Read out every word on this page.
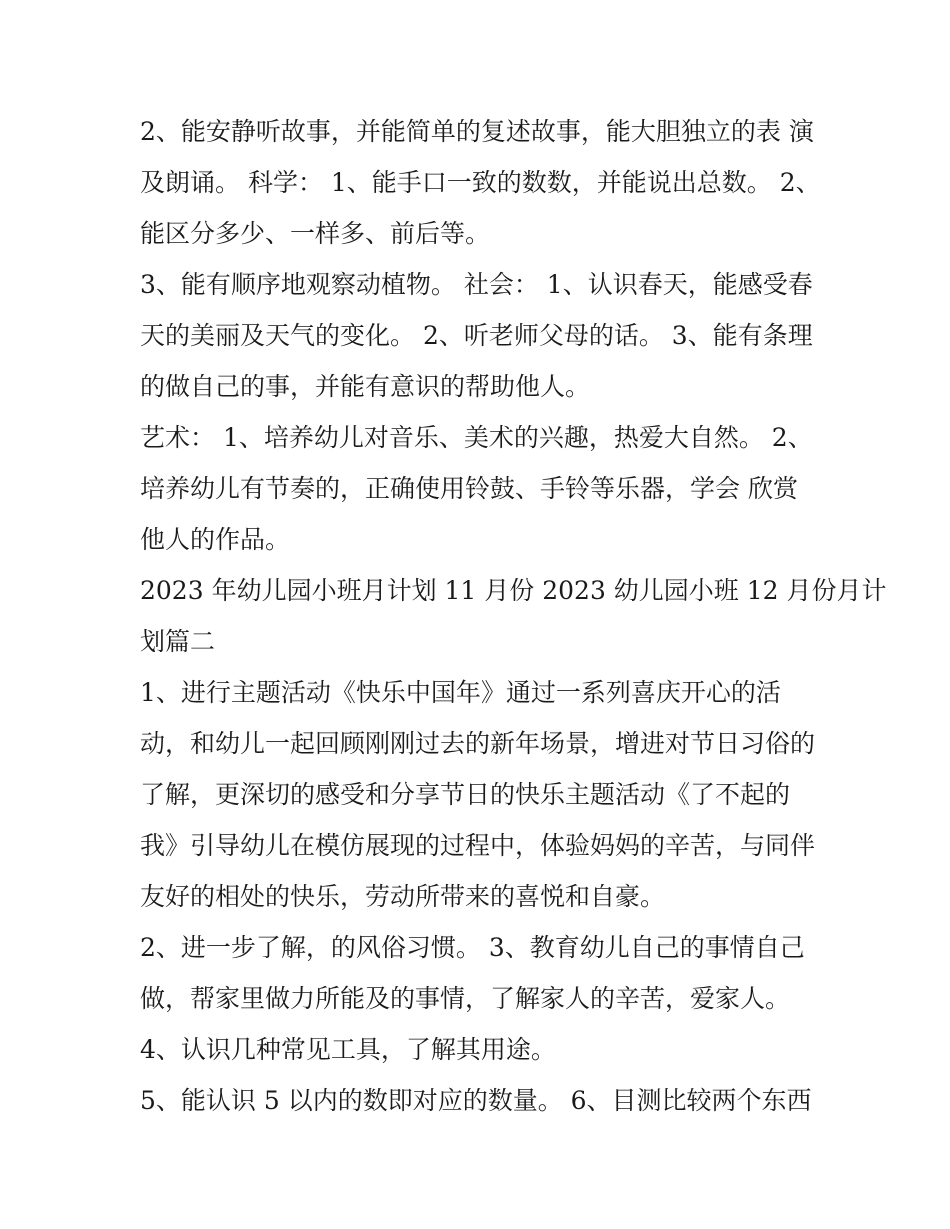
2、能安静听故事，并能简单的复述故事，能大胆独立的表 演
及朗诵。 科学： 1、能手口一致的数数，并能说出总数。 2、
能区分多少、一样多、前后等。
3、能有顺序地观察动植物。 社会： 1、认识春天，能感受春
天的美丽及天气的变化。 2、听老师父母的话。 3、能有条理
的做自己的事，并能有意识的帮助他人。
艺术： 1、培养幼儿对音乐、美术的兴趣，热爱大自然。 2、
培养幼儿有节奏的，正确使用铃鼓、手铃等乐器，学会 欣赏
他人的作品。
2023 年幼儿园小班月计划 11 月份 2023 幼儿园小班 12 月份月计
划篇二
1、进行主题活动《快乐中国年》通过一系列喜庆开心的活
动，和幼儿一起回顾刚刚过去的新年场景，增进对节日习俗的
了解，更深切的感受和分享节日的快乐主题活动《了不起的
我》引导幼儿在模仿展现的过程中，体验妈妈的辛苦，与同伴
友好的相处的快乐，劳动所带来的喜悦和自豪。
2、进一步了解，的风俗习惯。 3、教育幼儿自己的事情自己
做，帮家里做力所能及的事情，了解家人的辛苦，爱家人。
4、认识几种常见工具，了解其用途。
5、能认识 5 以内的数即对应的数量。 6、目测比较两个东西
